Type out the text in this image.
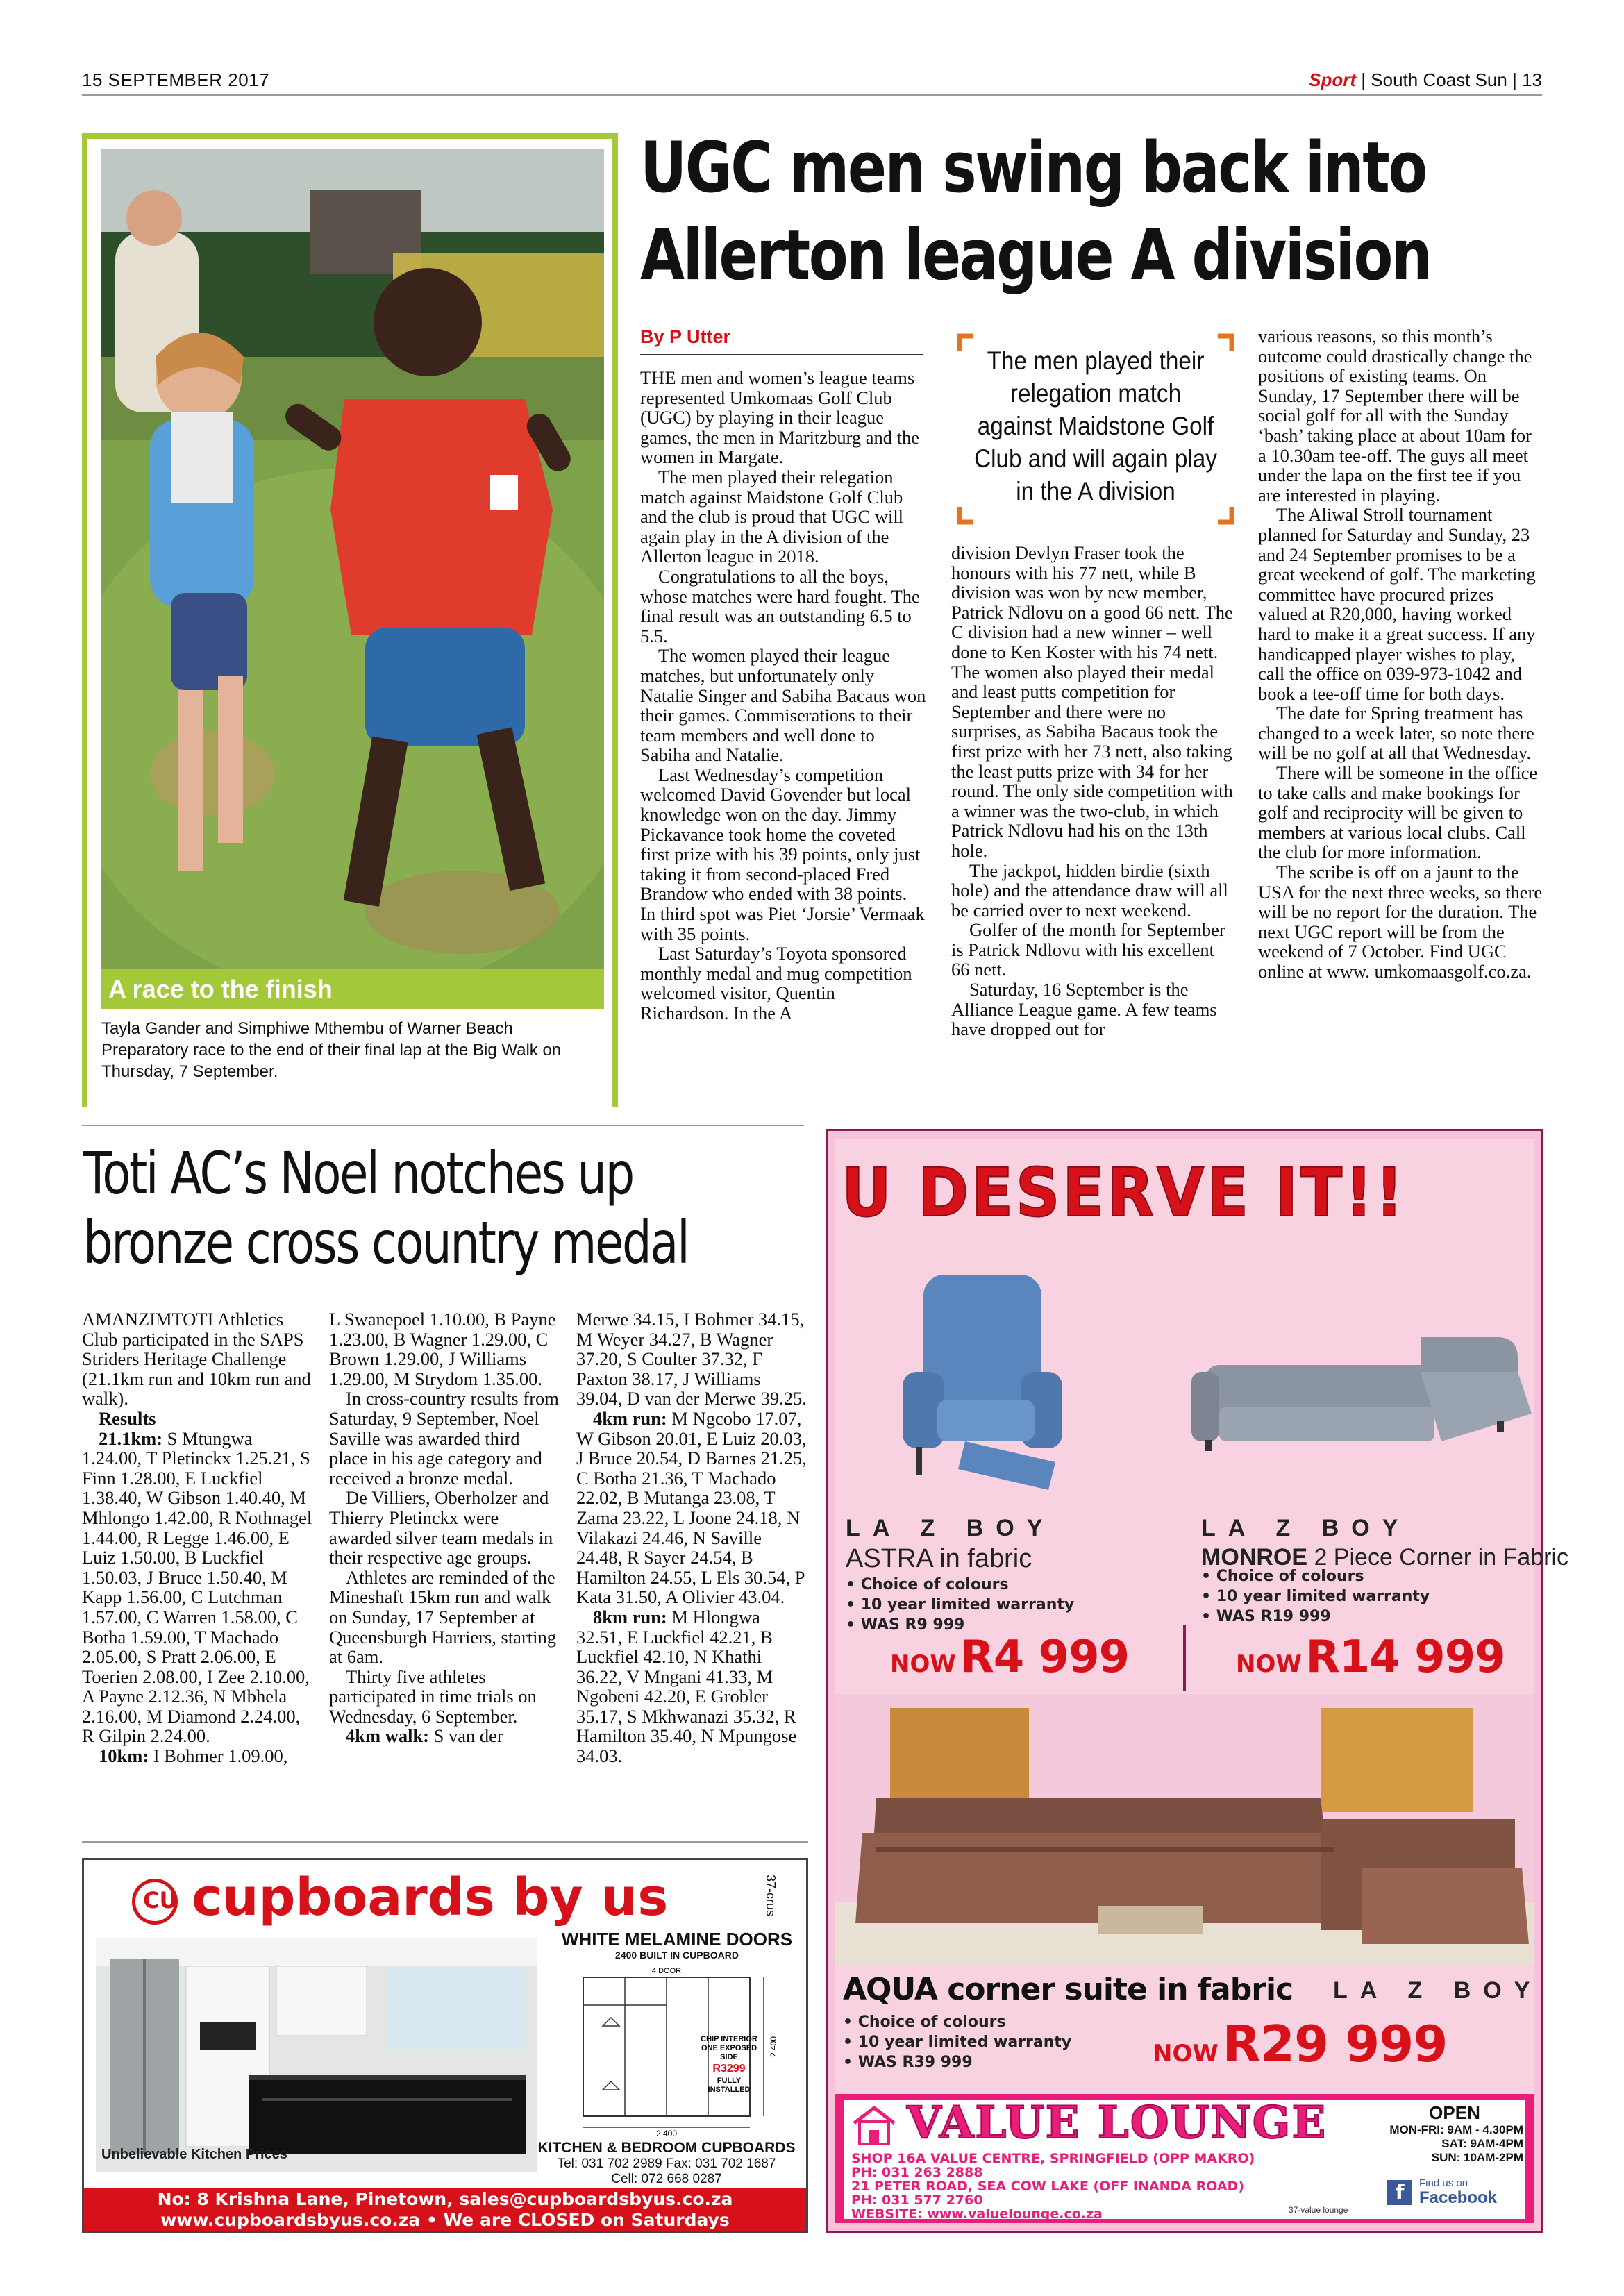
15 SEPTEMBER 2017	Sport | South Coast Sun | 13
A race to the finish
Tayla Gander and Simphiwe Mthembu of Warner Beach Preparatory race to the end of their final lap at the Big Walk on Thursday, 7 September.
UGC men swing back into
Allerton league A division
By P Utter

THE men and women’s league teams represented Umkomaas Golf Club (UGC) by playing in their league games, the men in Maritzburg and the women in Margate.

The men played their relegation match against Maidstone Golf Club and the club is proud that UGC will again play in the A division of the Allerton league in 2018.

Congratulations to all the boys, whose matches were hard fought. The final result was an outstanding 6.5 to 5.5.

The women played their league matches, but unfortunately only Natalie Singer and Sabiha Bacaus won their games. Commiserations to their team members and well done to Sabiha and Natalie.

Last Wednesday’s competition welcomed David Govender but local knowledge won on the day. Jimmy Pickavance took home the coveted first prize with his 39 points, only just taking it from second-placed Fred Brandow who ended with 38 points. In third spot was Piet ‘Jorsie’ Vermaak with 35 points.

Last Saturday’s Toyota sponsored monthly medal and mug competition welcomed visitor, Quentin Richardson. In the A

The men played their relegation match against Maidstone Golf Club and will again play in the A division

division Devlyn Fraser took the honours with his 77 nett, while B division was won by new member, Patrick Ndlovu on a good 66 nett. The C division had a new winner – well done to Ken Koster with his 74 nett. The women also played their medal and least putts competition for September and there were no surprises, as Sabiha Bacaus took the first prize with her 73 nett, also taking the least putts prize with 34 for her round. The only side competition with a winner was the two-club, in which Patrick Ndlovu had his on the 13th hole.

The jackpot, hidden birdie (sixth hole) and the attendance draw will all be carried over to next weekend.

Golfer of the month for September is Patrick Ndlovu with his excellent 66 nett.

Saturday, 16 September is the Alliance League game. A few teams have dropped out for

various reasons, so this month’s outcome could drastically change the positions of existing teams. On Sunday, 17 September there will be social golf for all with the Sunday ‘bash’ taking place at about 10am for a 10.30am tee-off. The guys all meet under the lapa on the first tee if you are interested in playing.

The Aliwal Stroll tournament planned for Saturday and Sunday, 23 and 24 September promises to be a great weekend of golf. The marketing committee have procured prizes valued at R20,000, having worked hard to make it a great success. If any handicapped player wishes to play, call the office on 039-973-1042 and book a tee-off time for both days.

The date for Spring treatment has changed to a week later, so note there will be no golf at all that Wednesday.

There will be someone in the office to take calls and make bookings for golf and reciprocity will be given to members at various local clubs. Call the club for more information.

The scribe is off on a jaunt to the USA for the next three weeks, so there will be no report for the duration. The next UGC report will be from the weekend of 7 October. Find UGC online at www. umkomaasgolf.co.za.

Toti AC’s Noel notches up
bronze cross country medal

AMANZIMTOTI Athletics Club participated in the SAPS Striders Heritage Challenge (21.1km run and 10km run and walk).

Results

21.1km: S Mtungwa 1.24.00, T Pletinckx 1.25.21, S Finn 1.28.00, E Luckfiel 1.38.40, W Gibson 1.40.40, M Mhlongo 1.42.00, R Nothnagel 1.44.00, R Legge 1.46.00, E Luiz 1.50.00, B Luckfiel 1.50.03, J Bruce 1.50.40, M Kapp 1.56.00, C Lutchman 1.57.00, C Warren 1.58.00, C Botha 1.59.00, T Machado 2.05.00, S Pratt 2.06.00, E Toerien 2.08.00, I Zee 2.10.00, A Payne 2.12.36, N Mbhela 2.16.00, M Diamond 2.24.00, R Gilpin 2.24.00.

10km: I Bohmer 1.09.00,

L Swanepoel 1.10.00, B Payne 1.23.00, B Wagner 1.29.00, C Brown 1.29.00, J Williams 1.29.00, M Strydom 1.35.00.

In cross-country results from Saturday, 9 September, Noel Saville was awarded third place in his age category and received a bronze medal.

De Villiers, Oberholzer and Thierry Pletinckx were awarded silver team medals in their respective age groups.

Athletes are reminded of the Mineshaft 15km run and walk on Sunday, 17 September at Queensburgh Harriers, starting at 6am.

Thirty five athletes participated in time trials on Wednesday, 6 September.

4km walk: S van der

Merwe 34.15, I Bohmer 34.15, M Weyer 34.27, B Wagner 37.20, S Coulter 37.32, F Paxton 38.17, J Williams 39.04, D van der Merwe 39.25.

4km run: M Ngcobo 17.07, W Gibson 20.01, E Luiz 20.03, J Bruce 20.54, D Barnes 21.25, C Botha 21.36, T Machado 22.02, B Mutanga 23.08, T Zama 23.22, L Joone 24.18, N Vilakazi 24.46, N Saville 24.48, R Sayer 24.54, B Hamilton 24.55, L Els 30.54, P Kata 31.50, A Olivier 43.04.

8km run: M Hlongwa 32.51, E Luckfiel 42.21, B Luckfiel 42.10, N Khathi 36.22, V Mngani 41.33, M Ngobeni 42.20, E Grobler 35.17, S Mkhwanazi 35.32, R Hamilton 35.40, N Mpungose 34.03.

CU cupboards by us	37-crus
Unbelievable Kitchen Prices
WHITE MELAMINE DOORS
2400 BUILT IN CUPBOARD
4 DOOR
CHIP INTERIOR
ONE EXPOSED
SIDE
R3299
FULLY
INSTALLED
2 400
2 400
KITCHEN & BEDROOM CUPBOARDS
Tel: 031 702 2989 Fax: 031 702 1687
Cell: 072 668 0287
No: 8 Krishna Lane, Pinetown, sales@cupboardsbyus.co.za
www.cupboardsbyus.co.za • We are CLOSED on Saturdays
U DESERVE IT!!
LA Z BOY	LA Z BOY
ASTRA in fabric	MONROE 2 Piece Corner in Fabric
• Choice of colours
• 10 year limited warranty
• WAS R9 999
• Choice of colours
• 10 year limited warranty
• WAS R19 999
NOW R4 999	NOW R14 999
AQUA corner suite in fabric LA Z BOY
• Choice of colours
• 10 year limited warranty
• WAS R39 999	NOW R29 999
VALUE LOUNGE
SHOP 16A VALUE CENTRE, SPRINGFIELD (OPP MAKRO)
PH: 031 263 2888
21 PETER ROAD, SEA COW LAKE (OFF INANDA ROAD)
PH: 031 577 2760
WEBSITE: www.valuelounge.co.za
OPEN
MON-FRI: 9AM - 4.30PM
SAT: 9AM-4PM
SUN: 10AM-2PM
f	Find us on
Facebook
37-value lounge
